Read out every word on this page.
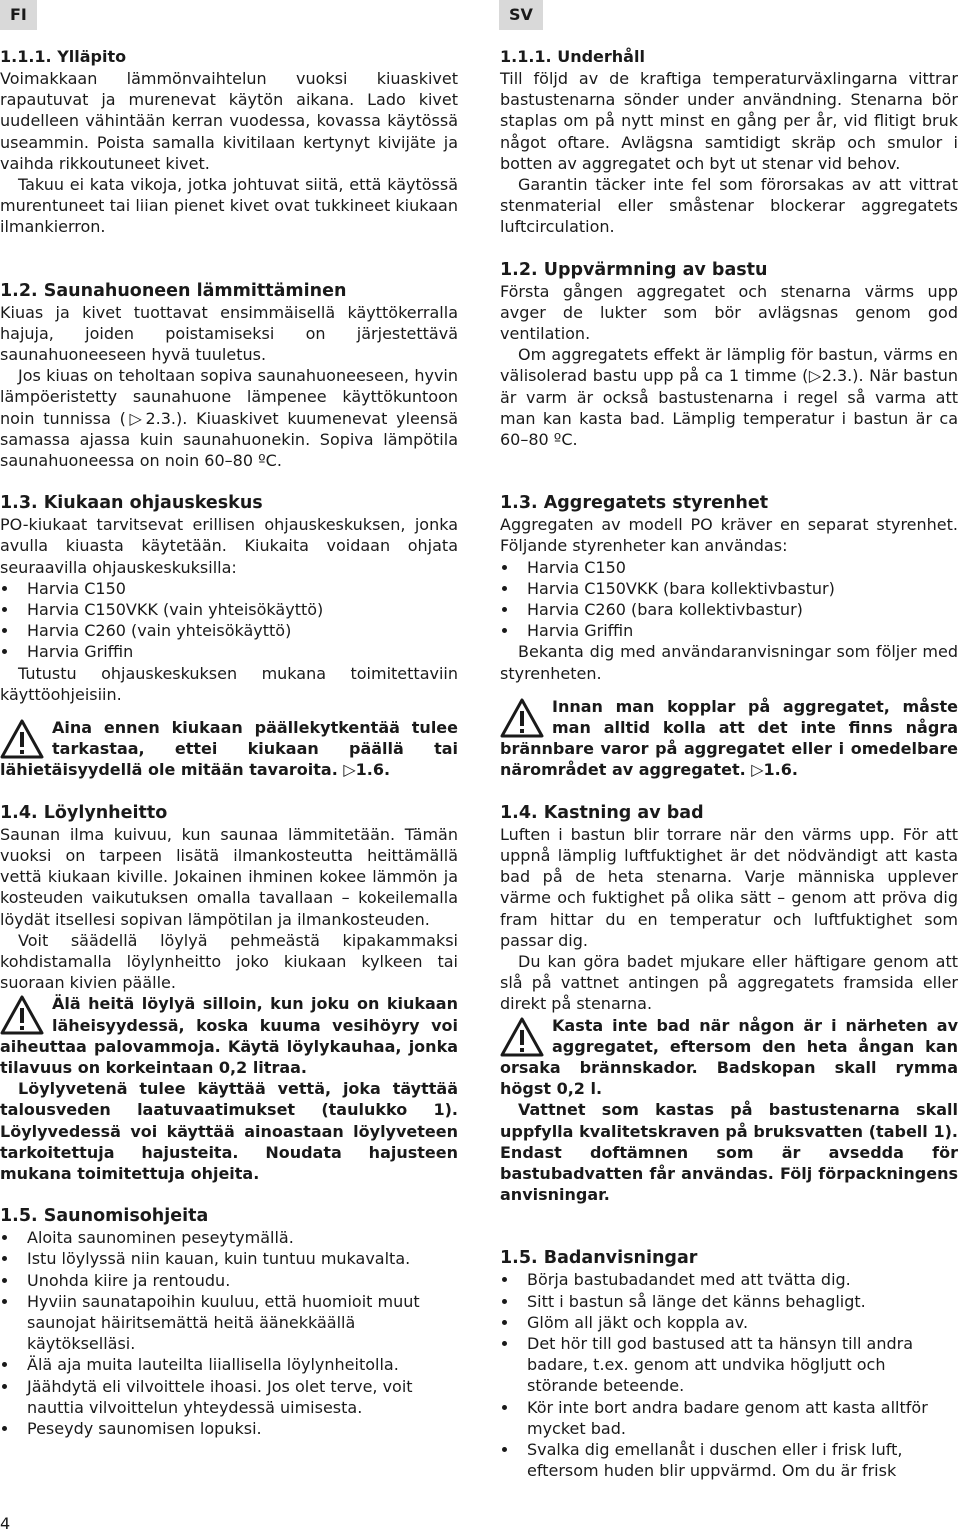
FI	SV
1.1.1. Ylläpito

Voimakkaan lämmönvaihtelun vuoksi kiuaskivet rapautuvat ja murenevat käytön aikana. Lado kivet uudelleen vähintään kerran vuodessa, kovassa käytössä useammin. Poista samalla kivitilaan kertynyt kivijäte ja vaihda rikkoutuneet kivet.

Takuu ei kata vikoja, jotka johtuvat siitä, että käytössä murentuneet tai liian pienet kivet ovat tukkineet kiukaan ilmankierron.

1.2. Saunahuoneen lämmittäminen

Kiuas ja kivet tuottavat ensimmäisellä käyttökerralla hajuja, joiden poistamiseksi on järjestettävä saunahuoneeseen hyvä tuuletus.

Jos kiuas on teholtaan sopiva saunahuoneeseen, hyvin lämpöeristetty saunahuone lämpenee käyttökuntoon noin tunnissa (▷2.3.). Kiuaskivet kuumenevat yleensä samassa ajassa kuin saunahuonekin. Sopiva lämpötila saunahuoneessa on noin 60–80 ºC.

1.3. Kiukaan ohjauskeskus

PO-kiukaat tarvitsevat erillisen ohjauskeskuksen, jonka avulla kiuasta käytetään. Kiukaita voidaan ohjata seuraavilla ohjauskeskuksilla:

Harvia C150
Harvia C150VKK (vain yhteisökäyttö)
Harvia C260 (vain yhteisökäyttö)
Harvia Griffin

Tutustu ohjauskeskuksen mukana toimitettaviin käyttöohjeisiin.

Aina ennen kiukaan päällekytkentää tulee tarkastaa, ettei kiukaan päällä tai lähietäisyydellä ole mitään tavaroita. ▷1.6.

1.4. Löylynheitto

Saunan ilma kuivuu, kun saunaa lämmitetään. Tämän vuoksi on tarpeen lisätä ilmankosteutta heittämällä vettä kiukaan kiville. Jokainen ihminen kokee lämmön ja kosteuden vaikutuksen omalla tavallaan – kokeilemalla löydät itsellesi sopivan lämpötilan ja ilmankosteuden.

Voit säädellä löylyä pehmeästä kipakammaksi kohdistamalla löylynheitto joko kiukaan kylkeen tai suoraan kivien päälle.

Älä heitä löylyä silloin, kun joku on kiukaan läheisyydessä, koska kuuma vesihöyry voi aiheuttaa palovammoja. Käytä löylykauhaa, jonka tilavuus on korkeintaan 0,2 litraa.

Löylyvetenä tulee käyttää vettä, joka täyttää talousveden laatuvaatimukset (taulukko 1). Löylyvedessä voi käyttää ainoastaan löylyveteen tarkoitettuja hajusteita. Noudata hajusteen mukana toimitettuja ohjeita.

1.5. Saunomisohjeita
Aloita saunominen peseytymällä.
Istu löylyssä niin kauan, kuin tuntuu mukavalta.
Unohda kiire ja rentoudu.
Hyviin saunatapoihin kuuluu, että huomioit muut saunojat häiritsemättä heitä äänekkäällä käytökselläsi.
Älä aja muita lauteilta liiallisella löylynheitolla.
Jäähdytä eli vilvoittele ihoasi. Jos olet terve, voit nauttia vilvoittelun yhteydessä uimisesta.
Peseydy saunomisen lopuksi.
1.1.1. Underhåll

Till följd av de kraftiga temperaturväxlingarna vittrar bastustenarna sönder under användning. Stenarna bör staplas om på nytt minst en gång per år, vid flitigt bruk något oftare. Avlägsna samtidigt skräp och smulor i botten av aggregatet och byt ut stenar vid behov.

Garantin täcker inte fel som förorsakas av att vittrat stenmaterial eller småstenar blockerar aggregatets luftcirculation.

1.2. Uppvärmning av bastu

Första gången aggregatet och stenarna värms upp avger de lukter som bör avlägsnas genom god ventilation.

Om aggregatets effekt är lämplig för bastun, värms en välisolerad bastu upp på ca 1 timme (▷2.3.). När bastun är varm är också bastustenarna i regel så varma att man kan kasta bad. Lämplig temperatur i bastun är ca 60–80 ºC.

1.3. Aggregatets styrenhet

Aggregaten av modell PO kräver en separat styrenhet. Följande styrenheter kan användas:

Harvia C150
Harvia C150VKK (bara kollektivbastur)
Harvia C260 (bara kollektivbastur)
Harvia Griffin

Bekanta dig med användaranvisningar som följer med styrenheten.

Innan man kopplar på aggregatet, måste man alltid kolla att det inte finns några brännbare varor på aggregatet eller i omedelbare närområdet av aggregatet. ▷1.6.

1.4. Kastning av bad

Luften i bastun blir torrare när den värms upp. För att uppnå lämplig luftfuktighet är det nödvändigt att kasta bad på de heta stenarna. Varje människa upplever värme och fuktighet på olika sätt – genom att pröva dig fram hittar du en temperatur och luftfuktighet som passar dig.

Du kan göra badet mjukare eller häftigare genom att slå på vattnet antingen på aggregatets framsida eller direkt på stenarna.

Kasta inte bad när någon är i närheten av aggregatet, eftersom den heta ångan kan orsaka brännskador. Badskopan skall rymma högst 0,2 l.

Vattnet som kastas på bastustenarna skall uppfylla kvalitetskraven på bruksvatten (tabell 1). Endast doftämnen som är avsedda för bastubadvatten får användas. Följ förpackningens anvisningar.

1.5. Badanvisningar
Börja bastubadandet med att tvätta dig.
Sitt i bastun så länge det känns behagligt.
Glöm all jäkt och koppla av.
Det hör till god bastused att ta hänsyn till andra badare, t.ex. genom att undvika högljutt och störande beteende.
Kör inte bort andra badare genom att kasta alltför mycket bad.
Svalka dig emellanåt i duschen eller i frisk luft, eftersom huden blir uppvärmd. Om du är frisk
4
